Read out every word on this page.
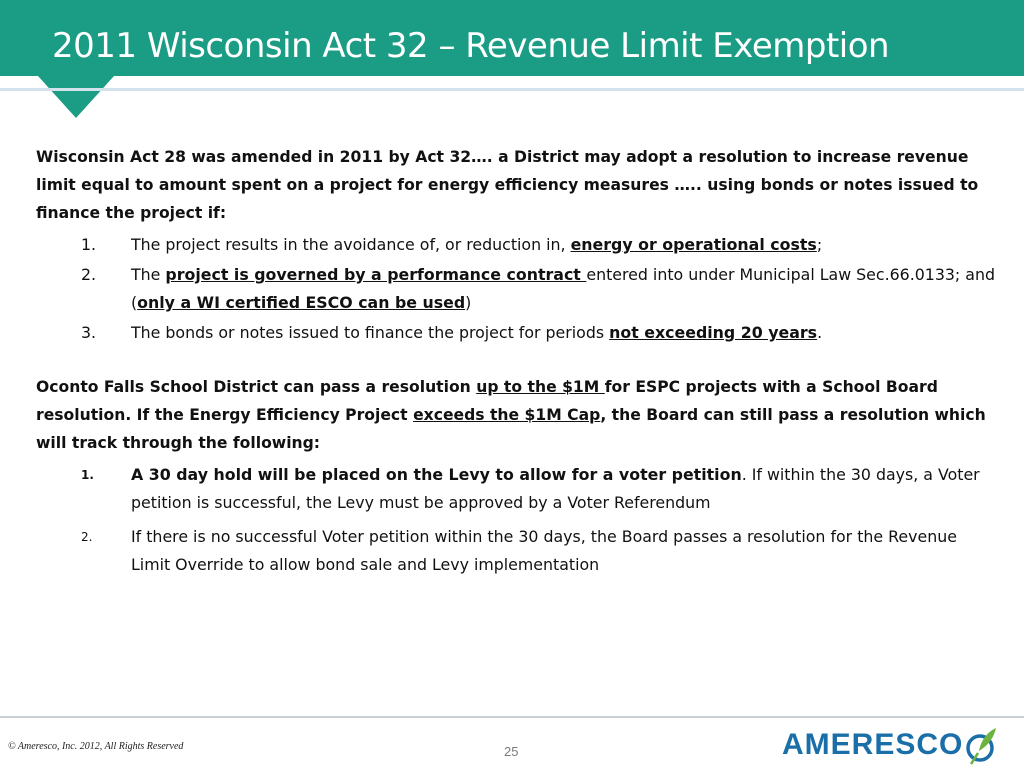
2011 Wisconsin Act 32 – Revenue Limit Exemption

Wisconsin Act 28 was amended in 2011 by Act 32…. a District may adopt a resolution to increase revenue limit equal to amount spent on a project for energy efficiency measures ….. using bonds or notes issued to finance the project if:

1. The project results in the avoidance of, or reduction in, energy or operational costs;
2. The project is governed by a performance contract entered into under Municipal Law Sec.66.0133; and (only a WI certified ESCO can be used)
3. The bonds or notes issued to finance the project for periods not exceeding 20 years.

Oconto Falls School District can pass a resolution up to the $1M for ESPC projects with a School Board resolution. If the Energy Efficiency Project exceeds the $1M Cap, the Board can still pass a resolution which will track through the following:

1. A 30 day hold will be placed on the Levy to allow for a voter petition. If within the 30 days, a Voter petition is successful, the Levy must be approved by a Voter Referendum
2. If there is no successful Voter petition within the 30 days, the Board passes a resolution for the Revenue Limit Override to allow bond sale and Levy implementation
© Ameresco, Inc. 2012, All Rights Reserved	25	AMERESCO
